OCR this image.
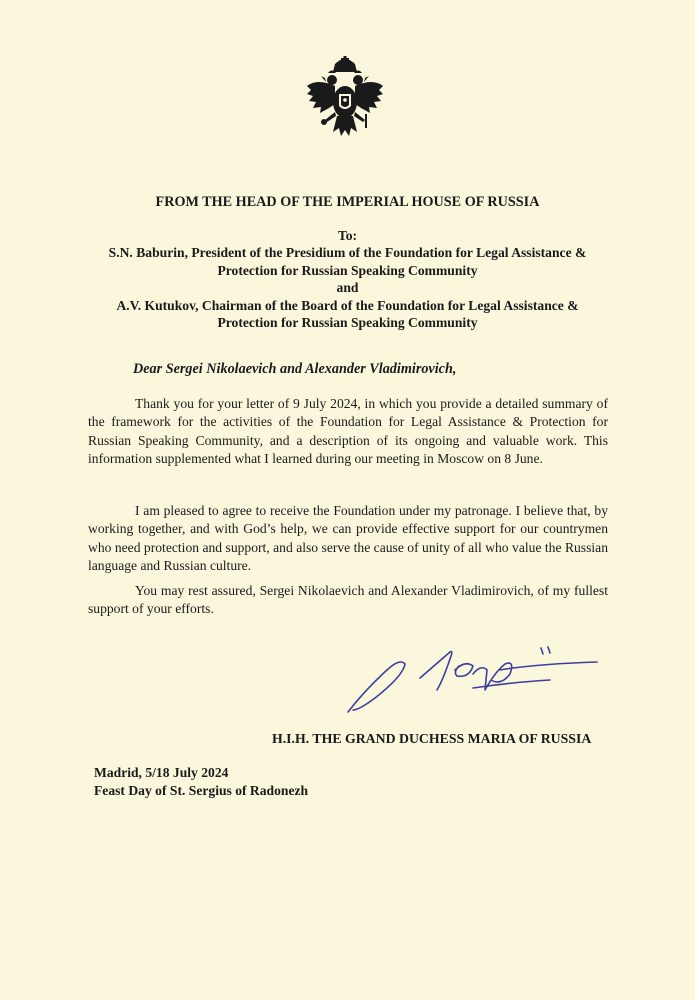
FROM THE HEAD OF THE IMPERIAL HOUSE OF RUSSIA
To:
S.N. Baburin, President of the Presidium of the Foundation for Legal Assistance &
Protection for Russian Speaking Community
and
A.V. Kutukov, Chairman of the Board of the Foundation for Legal Assistance &
Protection for Russian Speaking Community
Dear Sergei Nikolaevich and Alexander Vladimirovich,

Thank you for your letter of 9 July 2024, in which you provide a detailed summary of the framework for the activities of the Foundation for Legal Assistance & Protection for Russian Speaking Community, and a description of its ongoing and valuable work. This information supplemented what I learned during our meeting in Moscow on 8 June.

I am pleased to agree to receive the Foundation under my patronage. I believe that, by working together, and with God’s help, we can provide effective support for our countrymen who need protection and support, and also serve the cause of unity of all who value the Russian language and Russian culture.

You may rest assured, Sergei Nikolaevich and Alexander Vladimirovich, of my fullest support of your efforts.

H.I.H. THE GRAND DUCHESS MARIA OF RUSSIA
Madrid, 5/18 July 2024
Feast Day of St. Sergius of Radonezh
